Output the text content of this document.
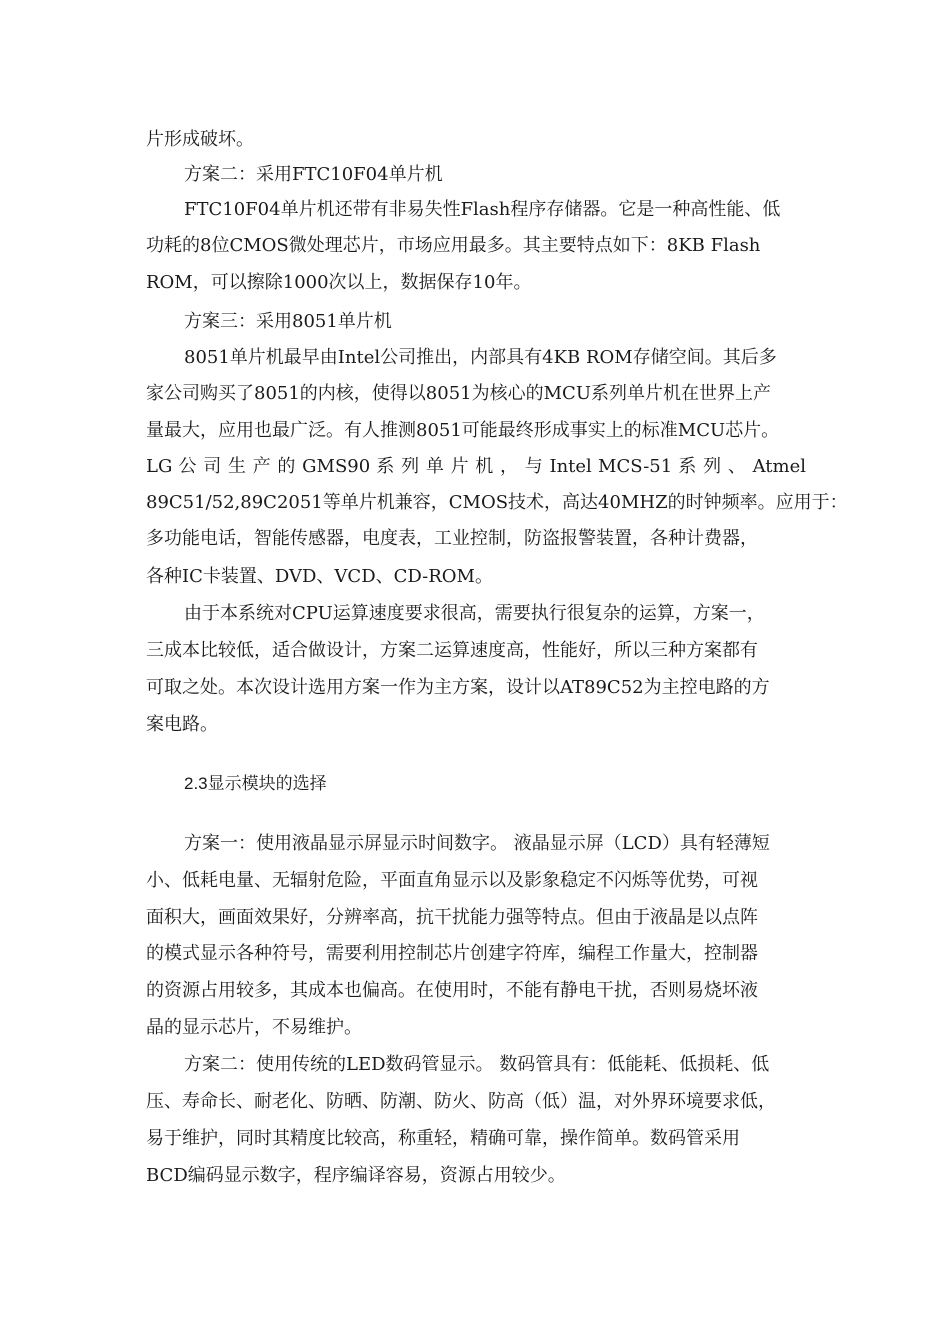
片形成破坏。
方案二：采用FTC10F04单片机
FTC10F04单片机还带有非易失性Flash程序存储器。它是一种高性能、低
功耗的8位CMOS微处理芯片，市场应用最多。其主要特点如下：8KB Flash
ROM，可以擦除1000次以上，数据保存10年。
方案三：采用8051单片机
8051单片机最早由Intel公司推出，内部具有4KB ROM存储空间。其后多
家公司购买了8051的内核，使得以8051为核心的MCU系列单片机在世界上产
量最大，应用也最广泛。有人推测8051可能最终形成事实上的标准MCU芯片。
LG 公 司 生 产 的 GMS90 系 列 单 片 机 ， 与 Intel MCS-51 系 列 、 Atmel
89C51/52,89C2051等单片机兼容，CMOS技术，高达40MHZ的时钟频率。应用于：
多功能电话，智能传感器，电度表，工业控制，防盗报警装置，各种计费器，
各种IC卡装置、DVD、VCD、CD-ROM。
由于本系统对CPU运算速度要求很高，需要执行很复杂的运算，方案一，
三成本比较低，适合做设计，方案二运算速度高，性能好，所以三种方案都有
可取之处。本次设计选用方案一作为主方案，设计以AT89C52为主控电路的方
案电路。
2.3显示模块的选择
方案一：使用液晶显示屏显示时间数字。 液晶显示屏（LCD）具有轻薄短
小、低耗电量、无辐射危险，平面直角显示以及影象稳定不闪烁等优势，可视
面积大，画面效果好，分辨率高，抗干扰能力强等特点。但由于液晶是以点阵
的模式显示各种符号，需要利用控制芯片创建字符库，编程工作量大，控制器
的资源占用较多，其成本也偏高。在使用时，不能有静电干扰，否则易烧坏液
晶的显示芯片，不易维护。
方案二：使用传统的LED数码管显示。 数码管具有：低能耗、低损耗、低
压、寿命长、耐老化、防晒、防潮、防火、防高（低）温，对外界环境要求低，
易于维护，同时其精度比较高，称重轻，精确可靠，操作简单。数码管采用
BCD编码显示数字，程序编译容易，资源占用较少。
